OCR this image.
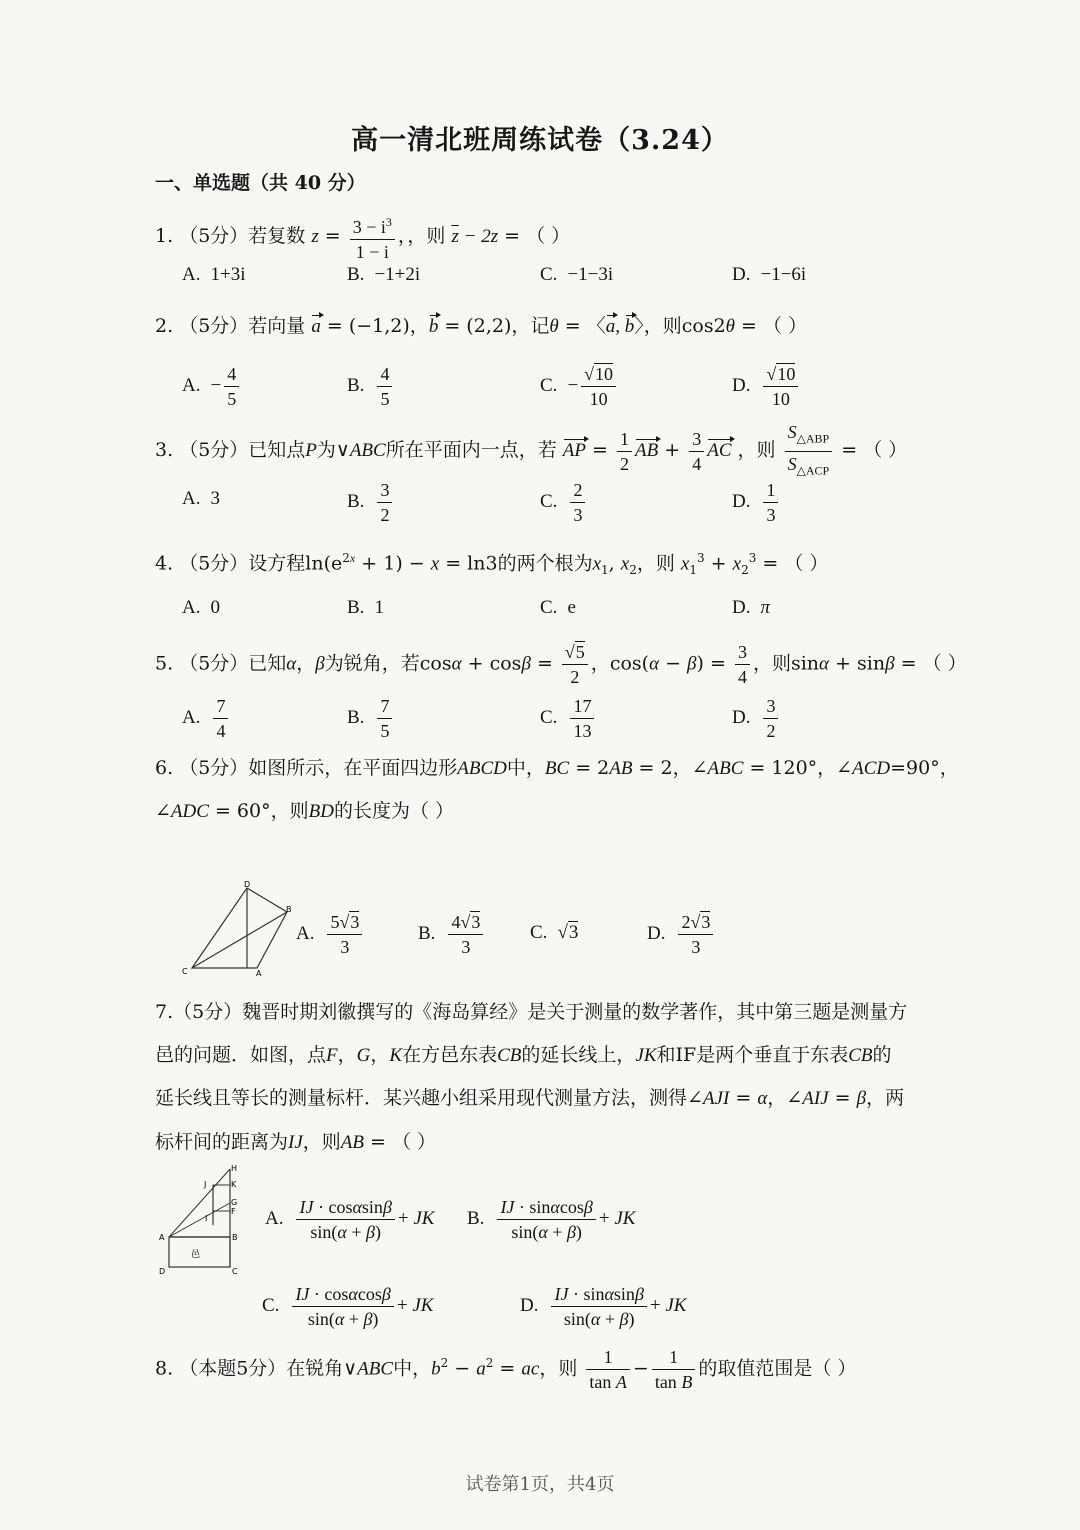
高一清北班周练试卷（3.24）
一、单选题（共 40 分）
1. （5分）若复数 $z = \frac{3 - i^3}{1 - i}$ ，，则 $\overline{z} - 2z$ = （ ）
A. 1+3i	B. −1+2i	C. −1−3i	D. −1−6i
2. （5分）若向量 a = (−1,2)，b = (2,2)，记θ = 〈a, b〉，则cos2θ = （ ）
A. − $\frac{4}{5}$	B. $\frac{4}{5}$	C. − $\frac{√10}{10}$	D. $\frac{√10}{10}$
3. （5分）已知点P为∨ABC所在平面内一点，若 AP = $\frac{1}{2}$ AB + $\frac{3}{4}$ AC ，则 $\frac{S_{\triangle ABP}}{S_{\triangle ACP}}$ = （ ）
A. 3	B. $\frac{3}{2}$	C. $\frac{2}{3}$	D. $\frac{1}{3}$
4. （5分）设方程$\ln(e^{2x} + 1) - x = \ln 3$的两个根为$x_1$, $x_2$，则 $x_1^3 + x_2^3$ = （ ）
A. 0	B. 1	C. e	D. π
5. （5分）已知α，β为锐角，若$\cos\alpha + \cos\beta = \frac{√5}{2}$ ，$\cos(\alpha - \beta) = \frac{3}{4}$ ，则sinα + sinβ = （ ）
A. $\frac{7}{4}$	B. $\frac{7}{5}$	C. $\frac{17}{13}$	D. $\frac{3}{2}$
6. （5分）如图所示，在平面四边形ABCD中，BC = 2AB = 2，∠ABC = 120°，∠ACD=90°，
∠ADC = 60°，则BD的长度为（ ）
D
B
C	A
A. $\frac{5√3}{3}$	B. $\frac{4√3}{3} C$. √3	D. $\frac{2√3}{3}$
7.（5分）魏晋时期刘徽撰写的《海岛算经》是关于测量的数学著作，其中第三题是测量方
邑的问题．如图，点F，G，K在方邑东表CB的延长线上，JK和IF是两个垂直于东表CB的
延长线且等长的测量标杆．某兴趣小组采用现代测量方法，测得∠AJI = α，∠AIJ = β，两
标杆间的距离为IJ，则AB = （ ）
H
K
G
F
J
I
A	B
D	C
邑
A. $\frac{IJ \cdot \cos\alpha\sin\beta}{\sin(\alpha + \beta)}$ + JK B. $\frac{IJ \cdot \sin\alpha\cos\beta}{\sin(\alpha + \beta)}$ + JK
C. $\frac{IJ \cdot \cos\alpha\cos\beta}{\sin(\alpha + \beta)}$ + JK	D. $\frac{IJ \cdot \sin\alpha\sin\beta}{\sin(\alpha + \beta)}$ + JK
8. （本题5分）在锐角∨ABC中，$b^2 - a^2$ = ac，则 $\frac{1}{\text{tan A}} - \frac{1}{\text{tan B}}$ 的取值范围是（ ）
试卷第1页，共4页
